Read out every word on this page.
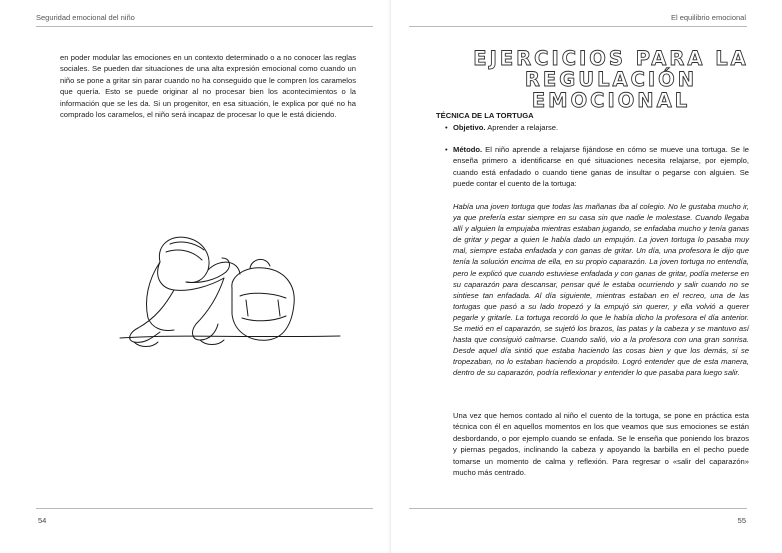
Seguridad emocional del niño

en poder modular las emociones en un contexto determinado o a no conocer las reglas sociales. Se pueden dar situaciones de una alta expresión emocional como cuando un niño se pone a gritar sin parar cuando no ha conseguido que le compren los caramelos que quería. Esto se puede originar al no procesar bien los acontecimientos o la información que se les da. Si un progenitor, en esa situación, le explica por qué no ha comprado los caramelos, el niño será incapaz de procesar lo que le está diciendo.

54
El equilibrio emocional
EJERCICIOS PARA LA
REGULACIÓN EMOCIONAL
TÉCNICA DE LA TORTUGA
• Objetivo. Aprender a relajarse.
• Método. El niño aprende a relajarse fijándose en cómo se mueve una tortuga. Se le enseña primero a identificarse en qué situaciones necesita relajarse, por ejemplo, cuando está enfadado o cuando tiene ganas de insultar o pegarse con alguien. Se puede contar el cuento de la tortuga:

Había una joven tortuga que todas las mañanas iba al colegio. No le gustaba mucho ir, ya que prefería estar siempre en su casa sin que nadie le molestase. Cuando llegaba allí y alguien la empujaba mientras estaban jugando, se enfadaba mucho y tenía ganas de gritar y pegar a quien le había dado un empujón. La joven tortuga lo pasaba muy mal, siempre estaba enfadada y con ganas de gritar. Un día, una profesora le dijo que tenía la solución encima de ella, en su propio caparazón. La joven tortuga no entendía, pero le explicó que cuando estuviese enfadada y con ganas de gritar, podía meterse en su caparazón para descansar, pensar qué le estaba ocurriendo y salir cuando no se sintiese tan enfadada. Al día siguiente, mientras estaban en el recreo, una de las tortugas que pasó a su lado tropezó y la empujó sin querer, y ella volvió a querer pegarle y gritarle. La tortuga recordó lo que le había dicho la profesora el día anterior. Se metió en el caparazón, se sujetó los brazos, las patas y la cabeza y se mantuvo así hasta que consiguió calmarse. Cuando salió, vio a la profesora con una gran sonrisa. Desde aquel día sintió que estaba haciendo las cosas bien y que los demás, si se tropezaban, no lo estaban haciendo a propósito. Logró entender que de esta manera, dentro de su caparazón, podría reflexionar y entender lo que pasaba para luego salir.

Una vez que hemos contado al niño el cuento de la tortuga, se pone en práctica esta técnica con él en aquellos momentos en los que veamos que sus emociones se están desbordando, o por ejemplo cuando se enfada. Se le enseña que poniendo los brazos y piernas pegados, inclinando la cabeza y apoyando la barbilla en el pecho puede tomarse un momento de calma y reflexión. Para regresar o «salir del caparazón» mucho más centrado.

55
